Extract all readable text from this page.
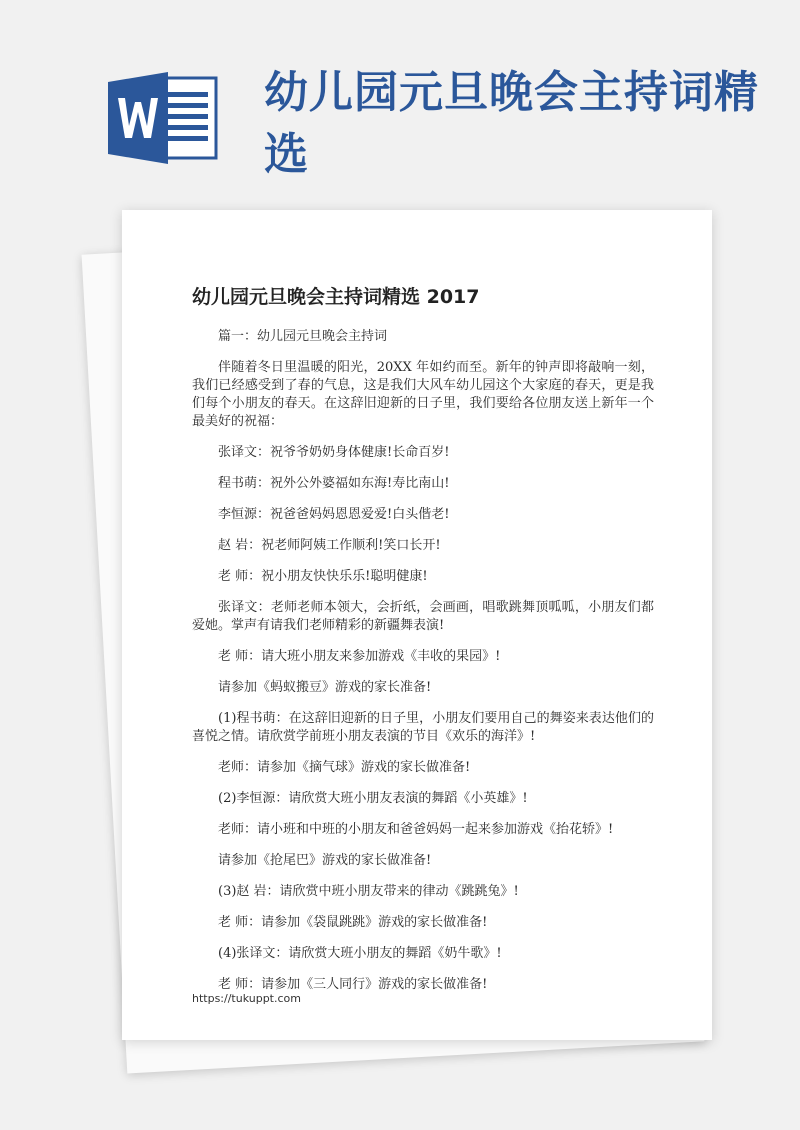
幼儿园元旦晚会主持词精选
幼儿园元旦晚会主持词精选 2017

篇一：幼儿园元旦晚会主持词

伴随着冬日里温暖的阳光，20XX 年如约而至。新年的钟声即将敲响一刻，我们已经感受到了春的气息，这是我们大风车幼儿园这个大家庭的春天，更是我们每个小朋友的春天。在这辞旧迎新的日子里，我们要给各位朋友送上新年一个最美好的祝福：

张译文：祝爷爷奶奶身体健康!长命百岁!

程书萌：祝外公外婆福如东海!寿比南山!

李恒源：祝爸爸妈妈恩恩爱爱!白头偕老!

赵 岩：祝老师阿姨工作顺利!笑口长开!

老 师：祝小朋友快快乐乐!聪明健康!

张译文：老师老师本领大，会折纸，会画画，唱歌跳舞顶呱呱，小朋友们都爱她。掌声有请我们老师精彩的新疆舞表演!

老 师：请大班小朋友来参加游戏《丰收的果园》!

请参加《蚂蚁搬豆》游戏的家长准备!

(1)程书萌：在这辞旧迎新的日子里，小朋友们要用自己的舞姿来表达他们的喜悦之情。请欣赏学前班小朋友表演的节目《欢乐的海洋》!

老师：请参加《摘气球》游戏的家长做准备!

(2)李恒源：请欣赏大班小朋友表演的舞蹈《小英雄》!

老师：请小班和中班的小朋友和爸爸妈妈一起来参加游戏《抬花轿》!

请参加《抢尾巴》游戏的家长做准备!

(3)赵 岩：请欣赏中班小朋友带来的律动《跳跳兔》!

老 师：请参加《袋鼠跳跳》游戏的家长做准备!

(4)张译文：请欣赏大班小朋友的舞蹈《奶牛歌》!

老 师：请参加《三人同行》游戏的家长做准备!

https://tukuppt.com
